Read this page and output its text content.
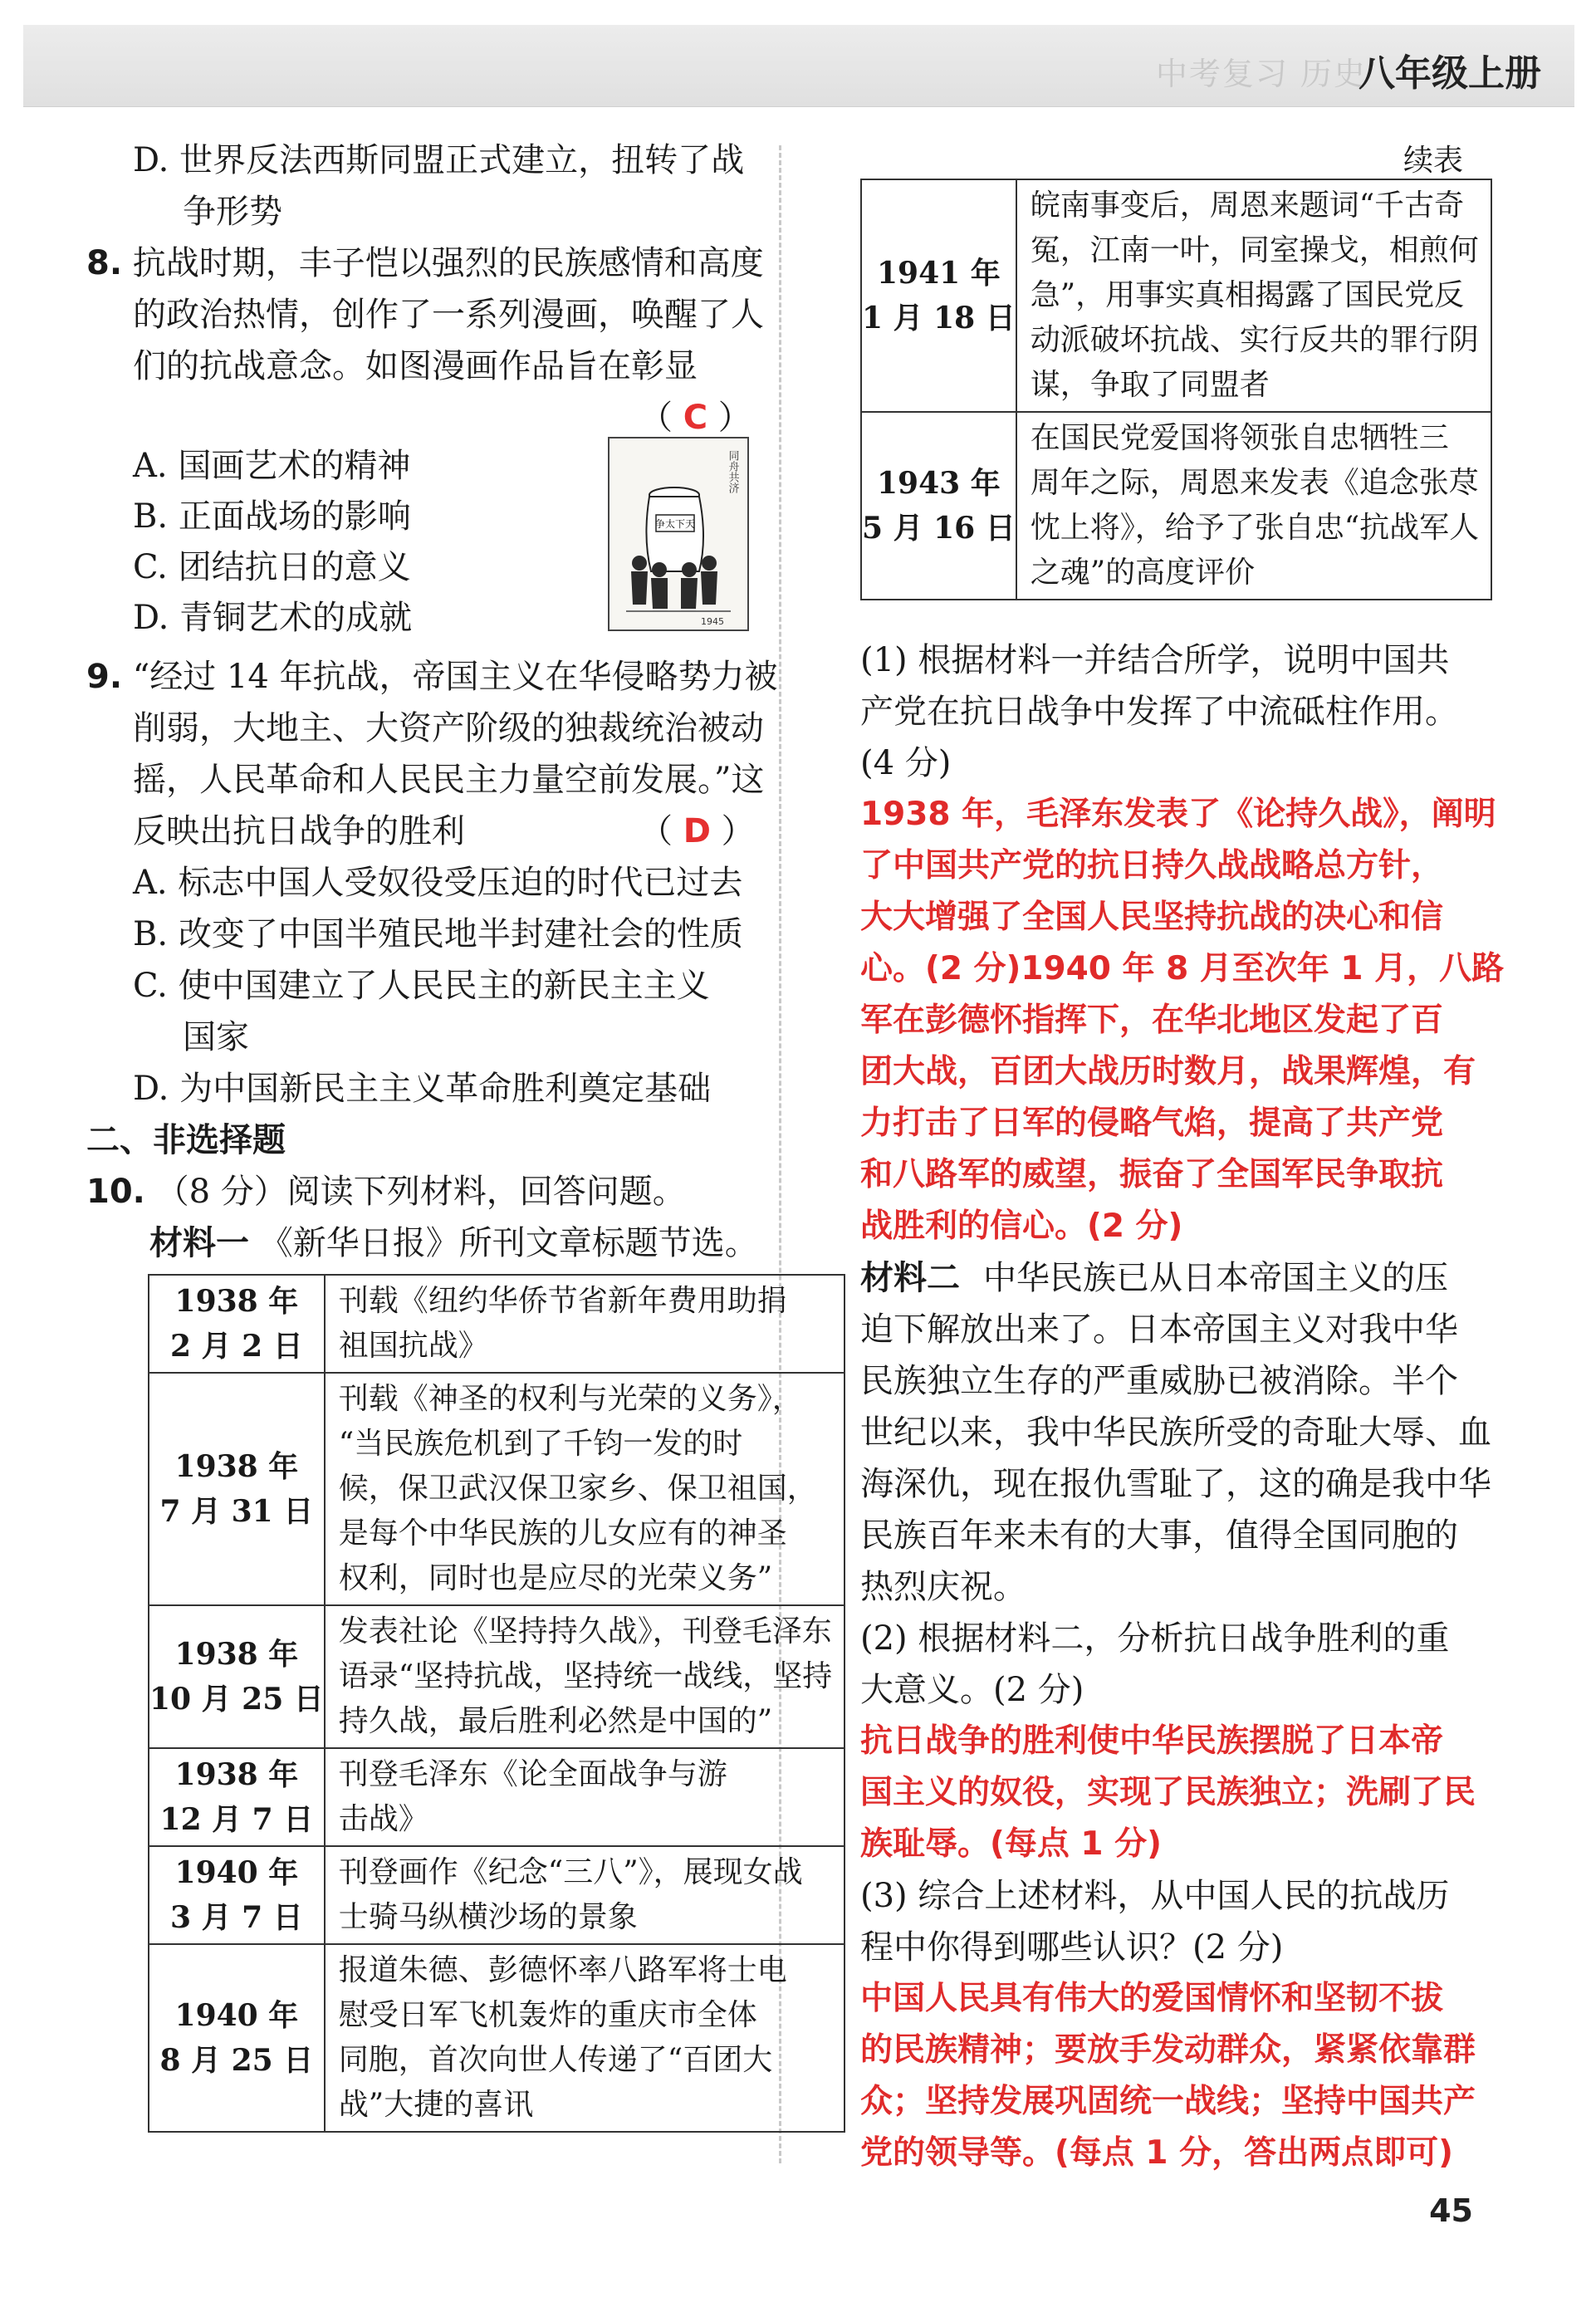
中考复习 历史
八年级上册
D. 世界反法西斯同盟正式建立，扭转了战
争形势
8. 抗战时期，丰子恺以强烈的民族感情和高度
的政治热情，创作了一系列漫画，唤醒了人
们的抗战意念。如图漫画作品旨在彰显
（ C ）
A. 国画艺术的精神
B. 正面战场的影响
C. 团结抗日的意义
D. 青铜艺术的成就
同舟共济
争太下天
1945
9. “经过 14 年抗战，帝国主义在华侵略势力被
削弱，大地主、大资产阶级的独裁统治被动
摇，人民革命和人民民主力量空前发展。”这
反映出抗日战争的胜利	（ D ）
A. 标志中国人受奴役受压迫的时代已过去
B. 改变了中国半殖民地半封建社会的性质
C. 使中国建立了人民民主的新民主主义
国家
D. 为中国新民主主义革命胜利奠定基础
二、非选择题
10. （8 分）阅读下列材料，回答问题。
材料一 《新华日报》所刊文章标题节选。
1938 年
2 月 2 日	刊载《纽约华侨节省新年费用助捐
祖国抗战》

1938 年
7 月 31 日	刊载《神圣的权利与光荣的义务》，
“当民族危机到了千钧一发的时
候，保卫武汉保卫家乡、保卫祖国，
是每个中华民族的儿女应有的神圣
权利，同时也是应尽的光荣义务”

1938 年
10 月 25 日	发表社论《坚持持久战》，刊登毛泽东
语录“坚持抗战，坚持统一战线，坚持
持久战，最后胜利必然是中国的”

1938 年
12 月 7 日	刊登毛泽东《论全面战争与游
击战》

1940 年
3 月 7 日	刊登画作《纪念“三八”》，展现女战
士骑马纵横沙场的景象

1940 年
8 月 25 日	报道朱德、彭德怀率八路军将士电
慰受日军飞机轰炸的重庆市全体
同胞，首次向世人传递了“百团大
战”大捷的喜讯
续表
1941 年
1 月 18 日	皖南事变后，周恩来题词“千古奇
冤，江南一叶，同室操戈，相煎何
急”，用事实真相揭露了国民党反
动派破坏抗战、实行反共的罪行阴
谋，争取了同盟者

1943 年
5 月 16 日	在国民党爱国将领张自忠牺牲三
周年之际，周恩来发表《追念张荩
忱上将》，给予了张自忠“抗战军人
之魂”的高度评价
(1) 根据材料一并结合所学，说明中国共
产党在抗日战争中发挥了中流砥柱作用。
(4 分)
1938 年，毛泽东发表了《论持久战》，阐明
了中国共产党的抗日持久战战略总方针，
大大增强了全国人民坚持抗战的决心和信
心。(2 分)1940 年 8 月至次年 1 月，八路
军在彭德怀指挥下，在华北地区发起了百
团大战，百团大战历时数月，战果辉煌，有
力打击了日军的侵略气焰，提高了共产党
和八路军的威望，振奋了全国军民争取抗
战胜利的信心。(2 分)
材料二 中华民族已从日本帝国主义的压
迫下解放出来了。日本帝国主义对我中华
民族独立生存的严重威胁已被消除。半个
世纪以来，我中华民族所受的奇耻大辱、血
海深仇，现在报仇雪耻了，这的确是我中华
民族百年来未有的大事，值得全国同胞的
热烈庆祝。
(2) 根据材料二，分析抗日战争胜利的重
大意义。(2 分)
抗日战争的胜利使中华民族摆脱了日本帝
国主义的奴役，实现了民族独立；洗刷了民
族耻辱。(每点 1 分)
(3) 综合上述材料，从中国人民的抗战历
程中你得到哪些认识？(2 分)
中国人民具有伟大的爱国情怀和坚韧不拔
的民族精神；要放手发动群众，紧紧依靠群
众；坚持发展巩固统一战线；坚持中国共产
党的领导等。(每点 1 分，答出两点即可)
45
